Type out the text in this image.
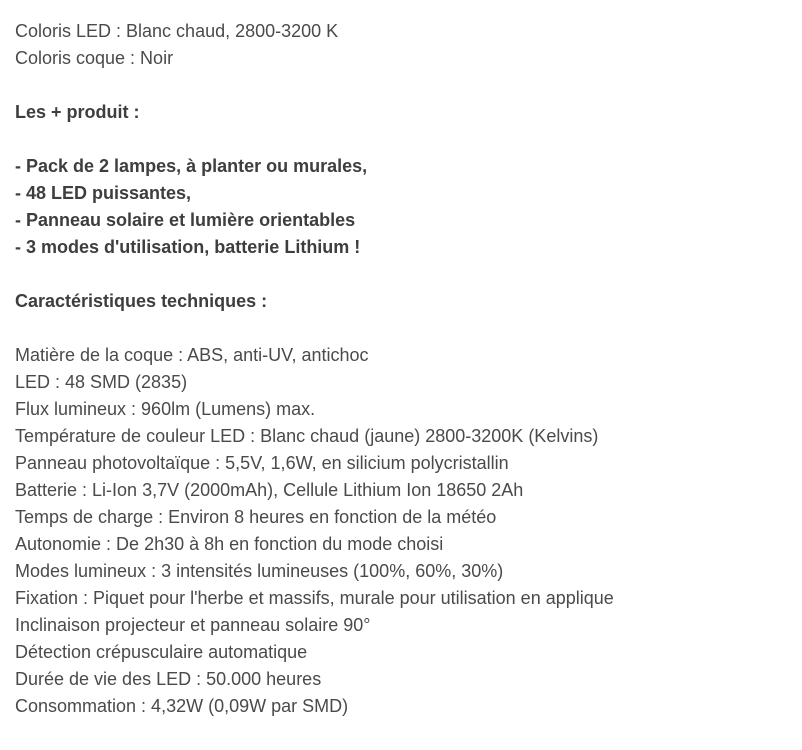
Coloris LED : Blanc chaud, 2800-3200 K
Coloris coque : Noir
Les + produit :
- Pack de 2 lampes, à planter ou murales,
- 48 LED puissantes,
- Panneau solaire et lumière orientables
- 3 modes d'utilisation, batterie Lithium !
Caractéristiques techniques :
Matière de la coque : ABS, anti-UV, antichoc
LED : 48 SMD (2835)
Flux lumineux : 960lm (Lumens) max.
Température de couleur LED : Blanc chaud (jaune) 2800-3200K (Kelvins)
Panneau photovoltaïque : 5,5V, 1,6W, en silicium polycristallin
Batterie : Li-Ion 3,7V (2000mAh), Cellule Lithium Ion 18650 2Ah
Temps de charge : Environ 8 heures en fonction de la météo
Autonomie : De 2h30 à 8h en fonction du mode choisi
Modes lumineux : 3 intensités lumineuses (100%, 60%, 30%)
Fixation : Piquet pour l'herbe et massifs, murale pour utilisation en applique
Inclinaison projecteur et panneau solaire 90°
Détection crépusculaire automatique
Durée de vie des LED : 50.000 heures
Consommation : 4,32W (0,09W par SMD)
